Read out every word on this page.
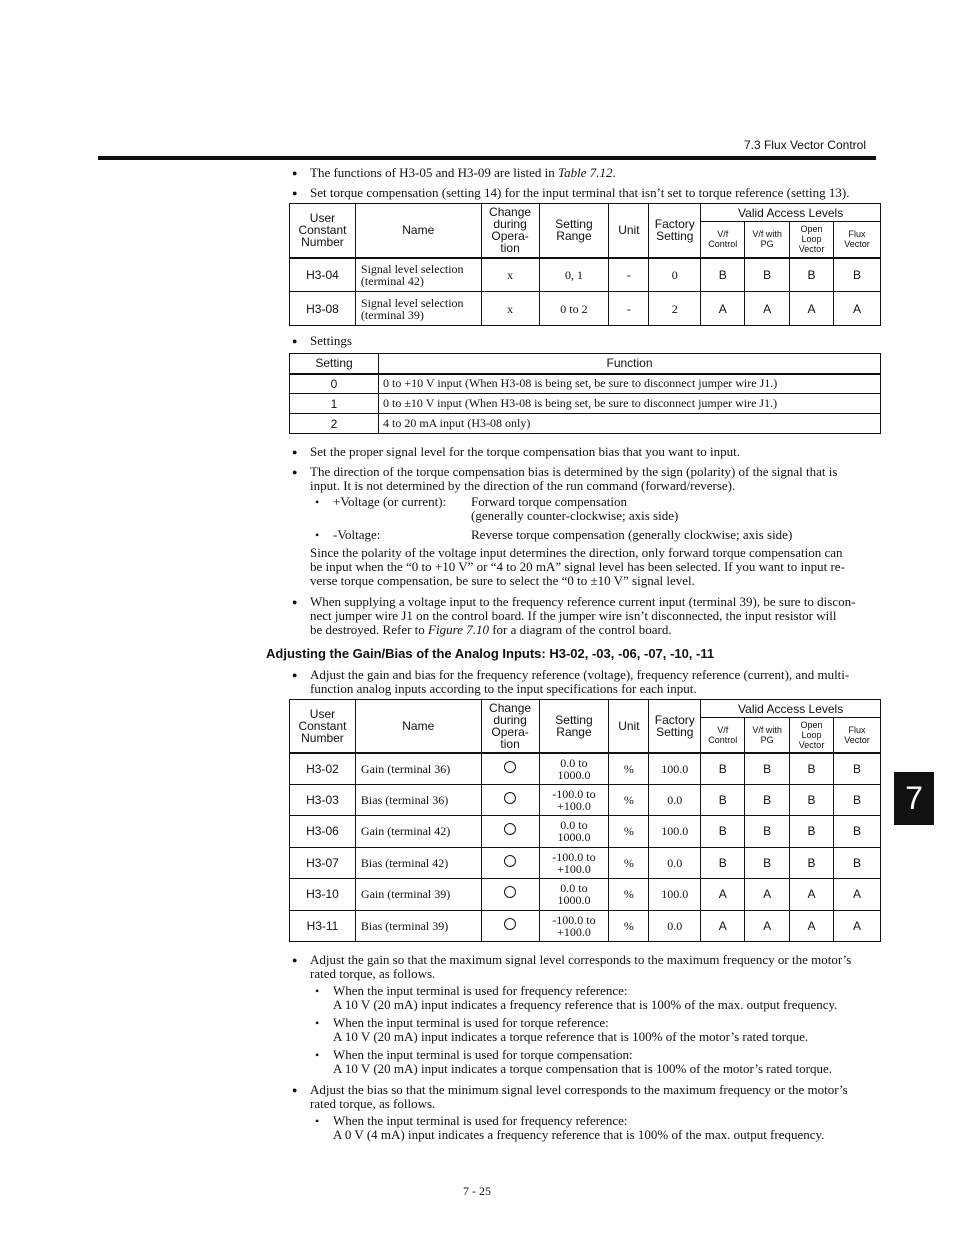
7.3 Flux Vector Control
● The functions of H3-05 and H3-09 are listed in Table 7.12.
● Set torque compensation (setting 14) for the input terminal that isn’t set to torque reference (setting 13).
User
Constant
Number	Name	Change
during
Opera-
tion	Setting
Range	Unit	Factory
Setting	Valid Access Levels			
						V/f
Control	V/f with
PG	Open
Loop
Vector	Flux
Vector
H3-04	Signal level selection
(terminal 42)	x	0, 1	-	0	B	B	B	B
H3-08	Signal level selection
(terminal 39)	x	0 to 2	-	2	A	A	A	A
● Settings
Setting	Function
0	0 to +10 V input (When H3-08 is being set, be sure to disconnect jumper wire J1.)
1	0 to ±10 V input (When H3-08 is being set, be sure to disconnect jumper wire J1.)
2	4 to 20 mA input (H3-08 only)
● Set the proper signal level for the torque compensation bias that you want to input.
● The direction of the torque compensation bias is determined by the sign (polarity) of the signal that is
input. It is not determined by the direction of the run command (forward/reverse).
• +Voltage (or current): Forward torque compensation
(generally counter-clockwise; axis side)
• -Voltage:	Reverse torque compensation (generally clockwise; axis side)
Since the polarity of the voltage input determines the direction, only forward torque compensation can
be input when the “0 to +10 V” or “4 to 20 mA” signal level has been selected. If you want to input re-
verse torque compensation, be sure to select the “0 to ±10 V” signal level.
● When supplying a voltage input to the frequency reference current input (terminal 39), be sure to discon-
nect jumper wire J1 on the control board. If the jumper wire isn’t disconnected, the input resistor will
be destroyed. Refer to Figure 7.10 for a diagram of the control board.
Adjusting the Gain/Bias of the Analog Inputs: H3-02, -03, -06, -07, -10, -11
● Adjust the gain and bias for the frequency reference (voltage), frequency reference (current), and multi-
function analog inputs according to the input specifications for each input.
User
Constant
Number	Name	Change
during
Opera-
tion	Setting
Range	Unit	Factory
Setting	Valid Access Levels			
						V/f
Control	V/f with
PG	Open
Loop
Vector	Flux
Vector
H3-02	Gain (terminal 36)		0.0 to
1000.0	%	100.0	B	B	B	B
H3-03	Bias (terminal 36)		-100.0 to
+100.0	%	0.0	B	B	B	B
H3-06	Gain (terminal 42)		0.0 to
1000.0	%	100.0	B	B	B	B
H3-07	Bias (terminal 42)		-100.0 to
+100.0	%	0.0	B	B	B	B
H3-10	Gain (terminal 39)		0.0 to
1000.0	%	100.0	A	A	A	A
H3-11	Bias (terminal 39)		-100.0 to
+100.0	%	0.0	A	A	A	A
● Adjust the gain so that the maximum signal level corresponds to the maximum frequency or the motor’s
rated torque, as follows.
• When the input terminal is used for frequency reference:
A 10 V (20 mA) input indicates a frequency reference that is 100% of the max. output frequency.
• When the input terminal is used for torque reference:
A 10 V (20 mA) input indicates a torque reference that is 100% of the motor’s rated torque.
• When the input terminal is used for torque compensation:
A 10 V (20 mA) input indicates a torque compensation that is 100% of the motor’s rated torque.
● Adjust the bias so that the minimum signal level corresponds to the maximum frequency or the motor’s
rated torque, as follows.
• When the input terminal is used for frequency reference:
A 0 V (4 mA) input indicates a frequency reference that is 100% of the max. output frequency.
7
7 - 25
